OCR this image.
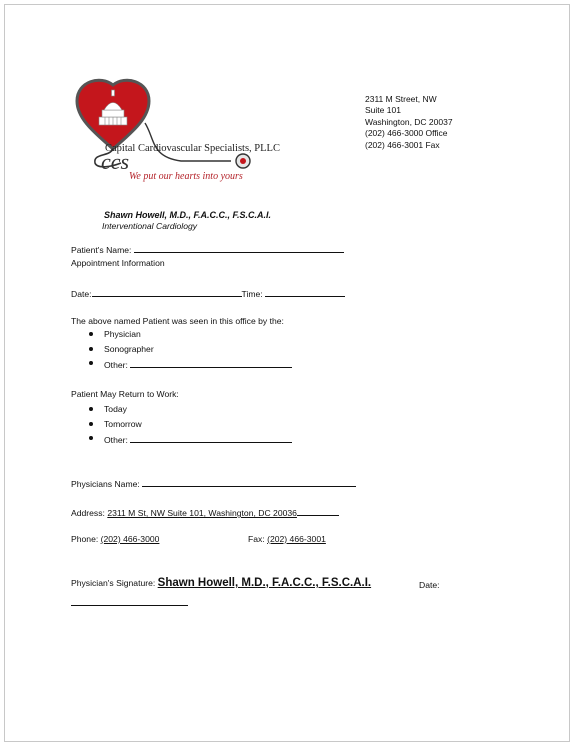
ccs
Capital Cardiovascular Specialists, PLLC
We put our hearts into yours
2311 M Street, NW
Suite 101
Washington, DC 20037
(202) 466-3000 Office
(202) 466-3001 Fax
Shawn Howell, M.D., F.A.C.C., F.S.C.A.I.
Interventional Cardiology
Patient's Name:
Appointment Information
Date:	Time:
The above named Patient was seen in this office by the:
Physician
Sonographer
Other:
Patient May Return to Work:
Today
Tomorrow
Other:
Physicians Name:
Address: 2311 M St, NW Suite 101, Washington, DC 20036
Phone: (202) 466-3000	Fax: (202) 466-3001
Physician's Signature: Shawn Howell, M.D., F.A.C.C., F.S.C.A.I.	Date:
